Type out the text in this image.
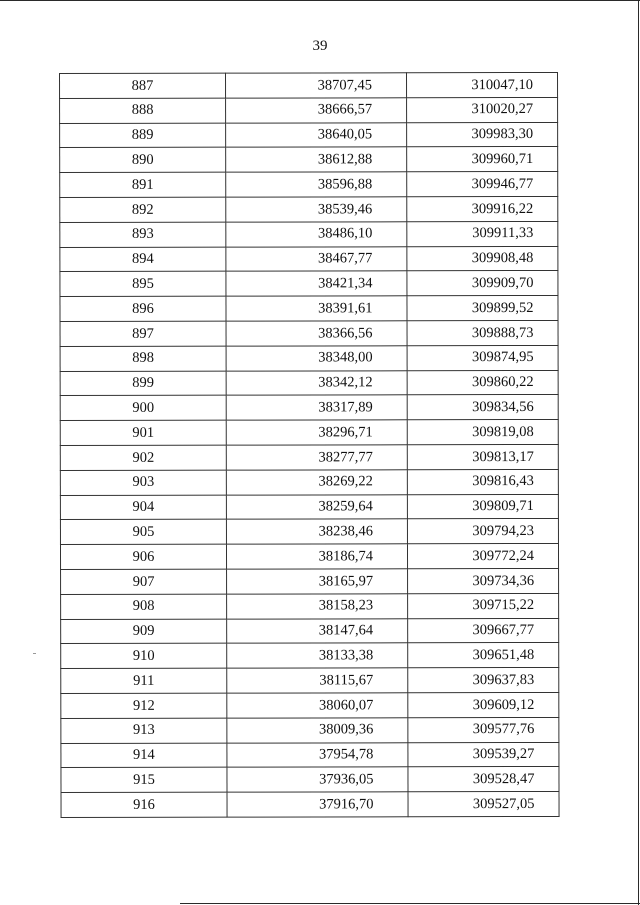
39
887	38707,45	310047,10
888	38666,57	310020,27
889	38640,05	309983,30
890	38612,88	309960,71
891	38596,88	309946,77
892	38539,46	309916,22
893	38486,10	309911,33
894	38467,77	309908,48
895	38421,34	309909,70
896	38391,61	309899,52
897	38366,56	309888,73
898	38348,00	309874,95
899	38342,12	309860,22
900	38317,89	309834,56
901	38296,71	309819,08
902	38277,77	309813,17
903	38269,22	309816,43
904	38259,64	309809,71
905	38238,46	309794,23
906	38186,74	309772,24
907	38165,97	309734,36
908	38158,23	309715,22
909	38147,64	309667,77
910	38133,38	309651,48
911	38115,67	309637,83
912	38060,07	309609,12
913	38009,36	309577,76
914	37954,78	309539,27
915	37936,05	309528,47
916	37916,70	309527,05
